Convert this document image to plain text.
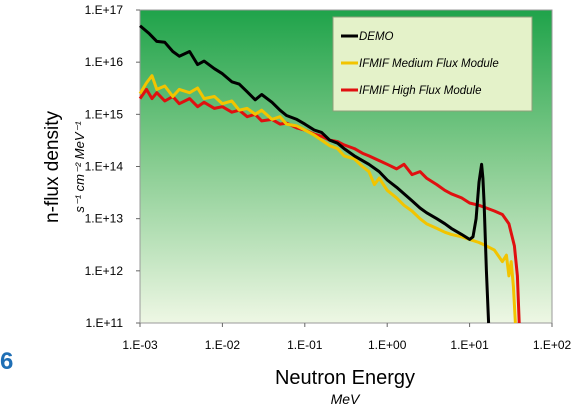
1.E-03	1.E-02	1.E-01	1.E+00	1.E+01	1.E+02
1.E+11
1.E+12
1.E+13
1.E+14
1.E+15
1.E+16
1.E+17
DEMO
IFMIF Medium Flux Module
IFMIF High Flux Module
n-flux density s⁻¹ cm⁻² MeV⁻¹
Neutron Energy
MeV
6
